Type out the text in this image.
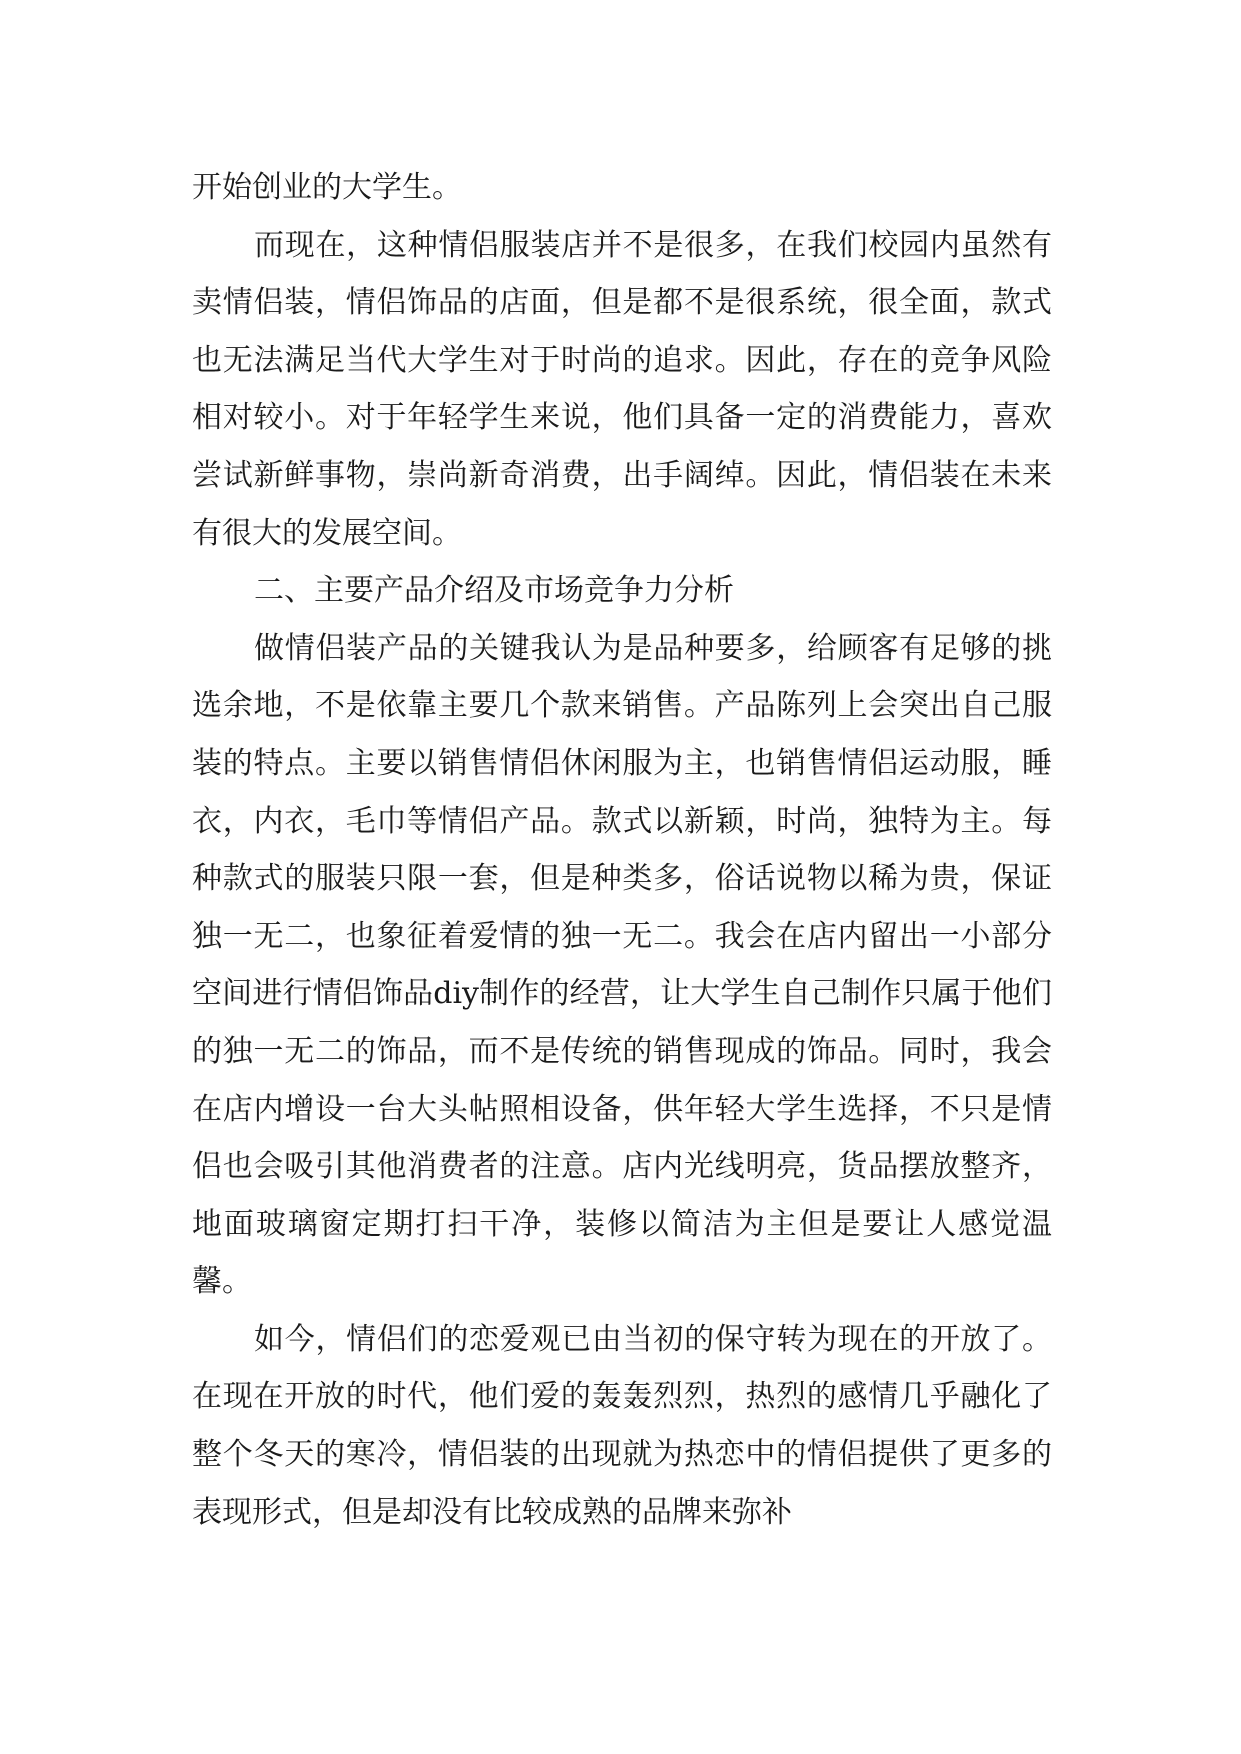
开始创业的大学生。

而现在，这种情侣服装店并不是很多，在我们校园内虽然有卖情侣装，情侣饰品的店面，但是都不是很系统，很全面，款式也无法满足当代大学生对于时尚的追求。因此，存在的竞争风险相对较小。对于年轻学生来说，他们具备一定的消费能力，喜欢尝试新鲜事物，崇尚新奇消费，出手阔绰。因此，情侣装在未来有很大的发展空间。

二、主要产品介绍及市场竞争力分析

做情侣装产品的关键我认为是品种要多，给顾客有足够的挑选余地，不是依靠主要几个款来销售。产品陈列上会突出自己服装的特点。主要以销售情侣休闲服为主，也销售情侣运动服，睡衣，内衣，毛巾等情侣产品。款式以新颖，时尚，独特为主。每种款式的服装只限一套，但是种类多，俗话说物以稀为贵，保证独一无二，也象征着爱情的独一无二。我会在店内留出一小部分空间进行情侣饰品diy制作的经营，让大学生自己制作只属于他们的独一无二的饰品，而不是传统的销售现成的饰品。同时，我会在店内增设一台大头帖照相设备，供年轻大学生选择，不只是情侣也会吸引其他消费者的注意。店内光线明亮，货品摆放整齐，地面玻璃窗定期打扫干净，装修以简洁为主但是要让人感觉温馨。

如今，情侣们的恋爱观已由当初的保守转为现在的开放了。在现在开放的时代，他们爱的轰轰烈烈，热烈的感情几乎融化了整个冬天的寒冷，情侣装的出现就为热恋中的情侣提供了更多的表现形式，但是却没有比较成熟的品牌来弥补
